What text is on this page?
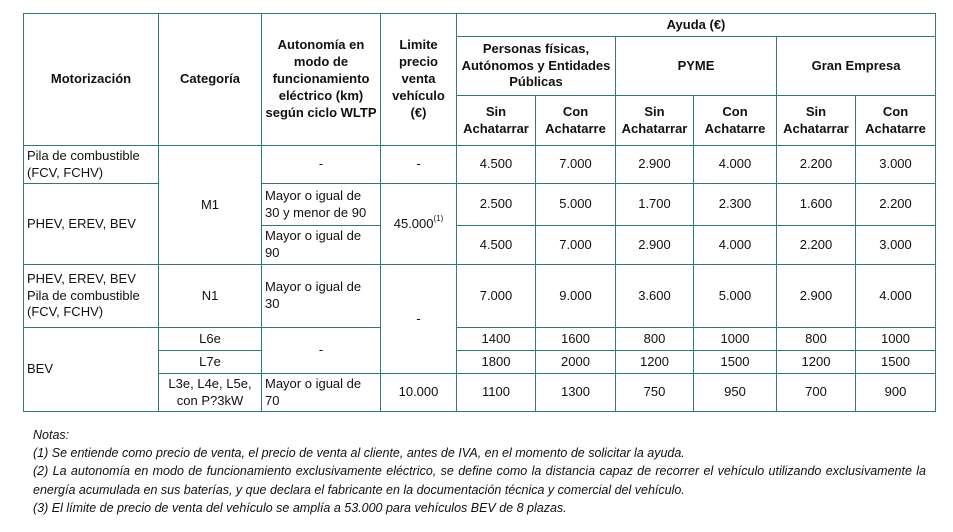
Motorización	Categoría	Autonomía en modo de funcionamiento eléctrico (km) según ciclo WLTP	Limite precio venta vehículo (€)	Ayuda (€)					
				Personas físicas, Autónomos y Entidades Públicas		PYME		Gran Empresa	
				Sin Achatarrar	Con Achatarre	Sin Achatarrar	Con Achatarre	Sin Achatarrar	Con Achatarre
Pila de combustible (FCV, FCHV)	M1	-	-	4.500	7.000	2.900	4.000	2.200	3.000
PHEV, EREV, BEV		Mayor o igual de 30 y menor de 90	45.000$^{(1)}$	2.500	5.000	1.700	2.300	1.600	2.200
		Mayor o igual de 90		4.500	7.000	2.900	4.000	2.200	3.000
PHEV, EREV, BEV Pila de combustible (FCV, FCHV)	N1	Mayor o igual de 30	-	7.000	9.000	3.600	5.000	2.900	4.000
BEV	L6e	-		1400	1600	800	1000	800	1000
	L7e			1800	2000	1200	1500	1200	1500
	L3e, L4e, L5e, con P?3kW	Mayor o igual de 70	10.000	1100	1300	750	950	700	900

Notas:

(1) Se entiende como precio de venta, el precio de venta al cliente, antes de IVA, en el momento de solicitar la ayuda.

(2) La autonomía en modo de funcionamiento exclusivamente eléctrico, se define como la distancia capaz de recorrer el vehículo utilizando exclusivamente la energía acumulada en sus baterías, y que declara el fabricante en la documentación técnica y comercial del vehículo.

(3) El límite de precio de venta del vehículo se amplía a 53.000 para vehículos BEV de 8 plazas.
